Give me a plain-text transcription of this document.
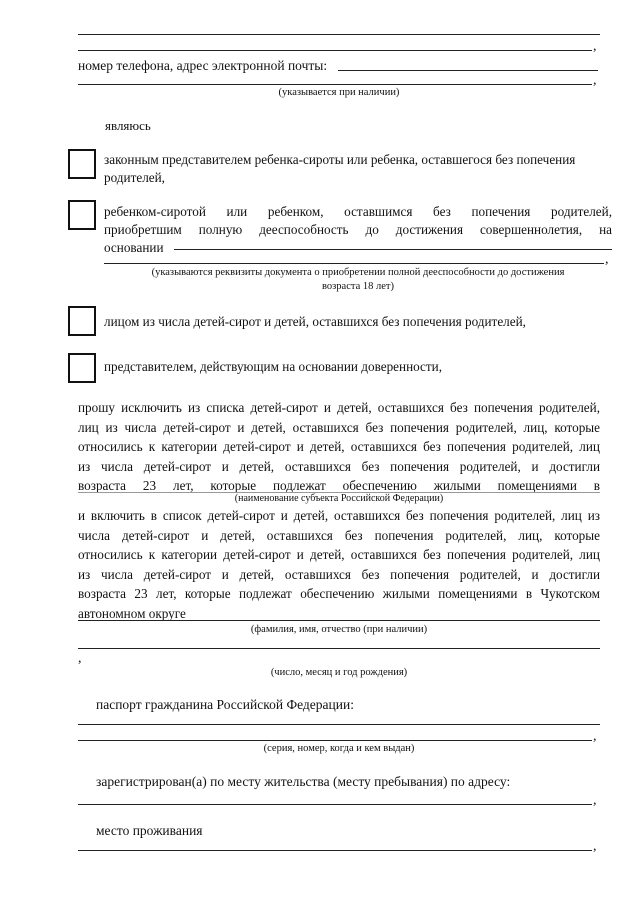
,
номер телефона, адрес электронной почты:
,
(указывается при наличии)
являюсь
законным представителем ребенка-сироты или ребенка, оставшегося без попечения
родителей,
ребенком-сиротой или ребенком, оставшимся без попечения родителей,
приобретшим полную дееспособность до достижения совершеннолетия, на
основании
,
(указываются реквизиты документа о приобретении полной дееспособности до достижения
возраста 18 лет)
лицом из числа детей-сирот и детей, оставшихся без попечения родителей,
представителем, действующим на основании доверенности,
прошу исключить из списка детей-сирот и детей, оставшихся без попечения родителей,
лиц из числа детей-сирот и детей, оставшихся без попечения родителей, лиц, которые
относились к категории детей-сирот и детей, оставшихся без попечения родителей, лиц
из числа детей-сирот и детей, оставшихся без попечения родителей, и достигли
возраста 23 лет, которые подлежат обеспечению жилыми помещениями в
(наименование субъекта Российской Федерации)
и включить в список детей-сирот и детей, оставшихся без попечения родителей, лиц из
числа детей-сирот и детей, оставшихся без попечения родителей, лиц, которые
относились к категории детей-сирот и детей, оставшихся без попечения родителей, лиц
из числа детей-сирот и детей, оставшихся без попечения родителей, и достигли
возраста 23 лет, которые подлежат обеспечению жилыми помещениями в Чукотском
автономном округе
(фамилия, имя, отчество (при наличии)
,
(число, месяц и год рождения)
паспорт гражданина Российской Федерации:
,
(серия, номер, когда и кем выдан)
зарегистрирован(а) по месту жительства (месту пребывания) по адресу:
,
место проживания
,
